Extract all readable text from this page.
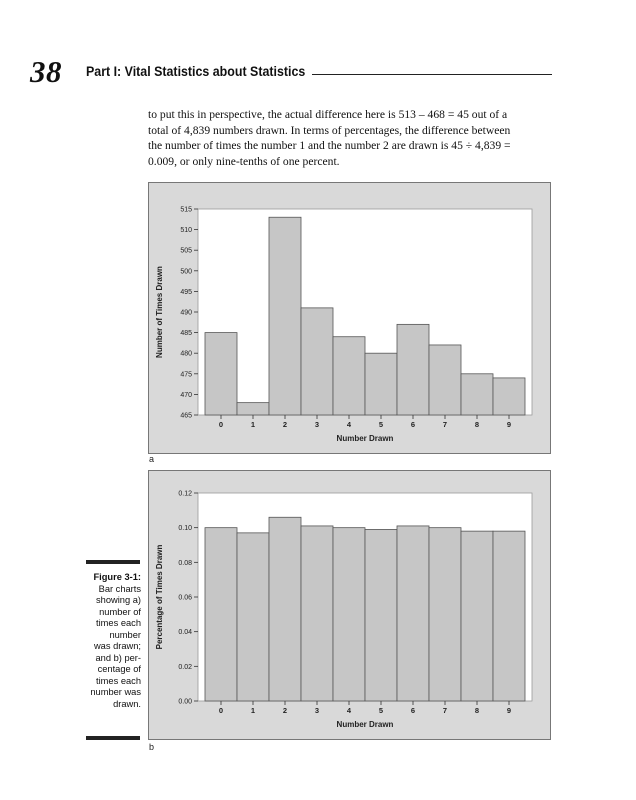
38 Part I: Vital Statistics about Statistics
to put this in perspective, the actual difference here is 513 – 468 = 45 out of a
total of 4,839 numbers drawn. In terms of percentages, the difference between
the number of times the number 1 and the number 2 are drawn is 45 ÷ 4,839 =
0.009, or only nine-tenths of one percent.
465
470
475
480
485
490
495
500
505
510
515
0	1	2	3	4	5	6	7	8	9
Number Drawn
Number of Times Drawn
a
0.00
0.02
0.04
0.06
0.08
0.10
0.12
0	1	2	3	4	5	6	7	8	9
Number Drawn
Percentage of Times Drawn
b
Figure 3-1:
Bar charts
showing a)
number of
times each
number
was drawn;
and b) per-
centage of
times each
number was
drawn.
